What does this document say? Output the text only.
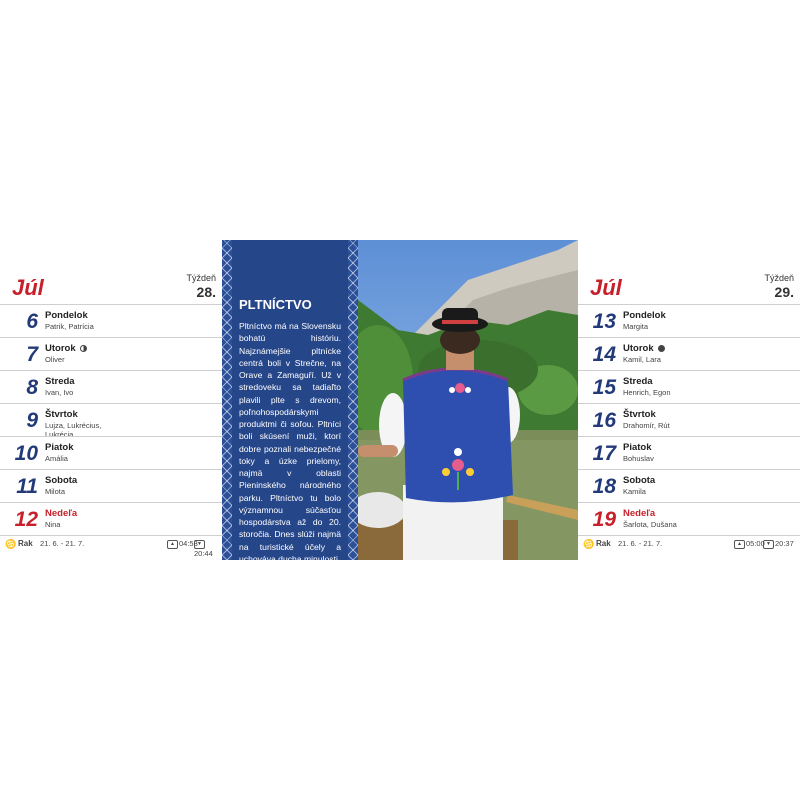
Júl	Týždeň
28.
6 Pondelok
Patrik, Patrícia
7 Utorok
Oliver
8 Streda
Ivan, Ivo
9 Štvrtok
Lujza, Lukrécius, Lukrécia
10 Piatok
Amália
11 Sobota
Milota
12 Nedeľa
Nina
♋ Rak 21. 6. - 21. 7.	▲ 04:53 ▼20:44
PLTNÍCTVO
Pltníctvo má na Slovensku bohatú históriu. Najznámejšie pltnícke centrá boli v Strečne, na Orave a Zamaguří. Už v stredoveku sa tadiaľto plavili plte s drevom, poľnohospodárskymi produktmi či soľou. Pltníci boli skúsení muži, ktorí dobre poznali nebezpečné toky a úzke prielomy, najmä v oblasti Pieninského národného parku. Pltníctvo tu bolo významnou súčasťou hospodárstva až do 20. storočia. Dnes slúži najmä na turistické účely a uchováva ducha minulosti.
Júl	Týždeň
29.
13 Pondelok
Margita
14 Utorok
Kamil, Lara
15 Streda
Henrich, Egon
16 Štvrtok
Drahomír, Rút
17 Piatok
Bohuslav
18 Sobota
Kamila
19 Nedeľa
Šarlota, Dušana
♋ Rak 21. 6. - 21. 7.	▲ 05:00 ▼ 20:37
